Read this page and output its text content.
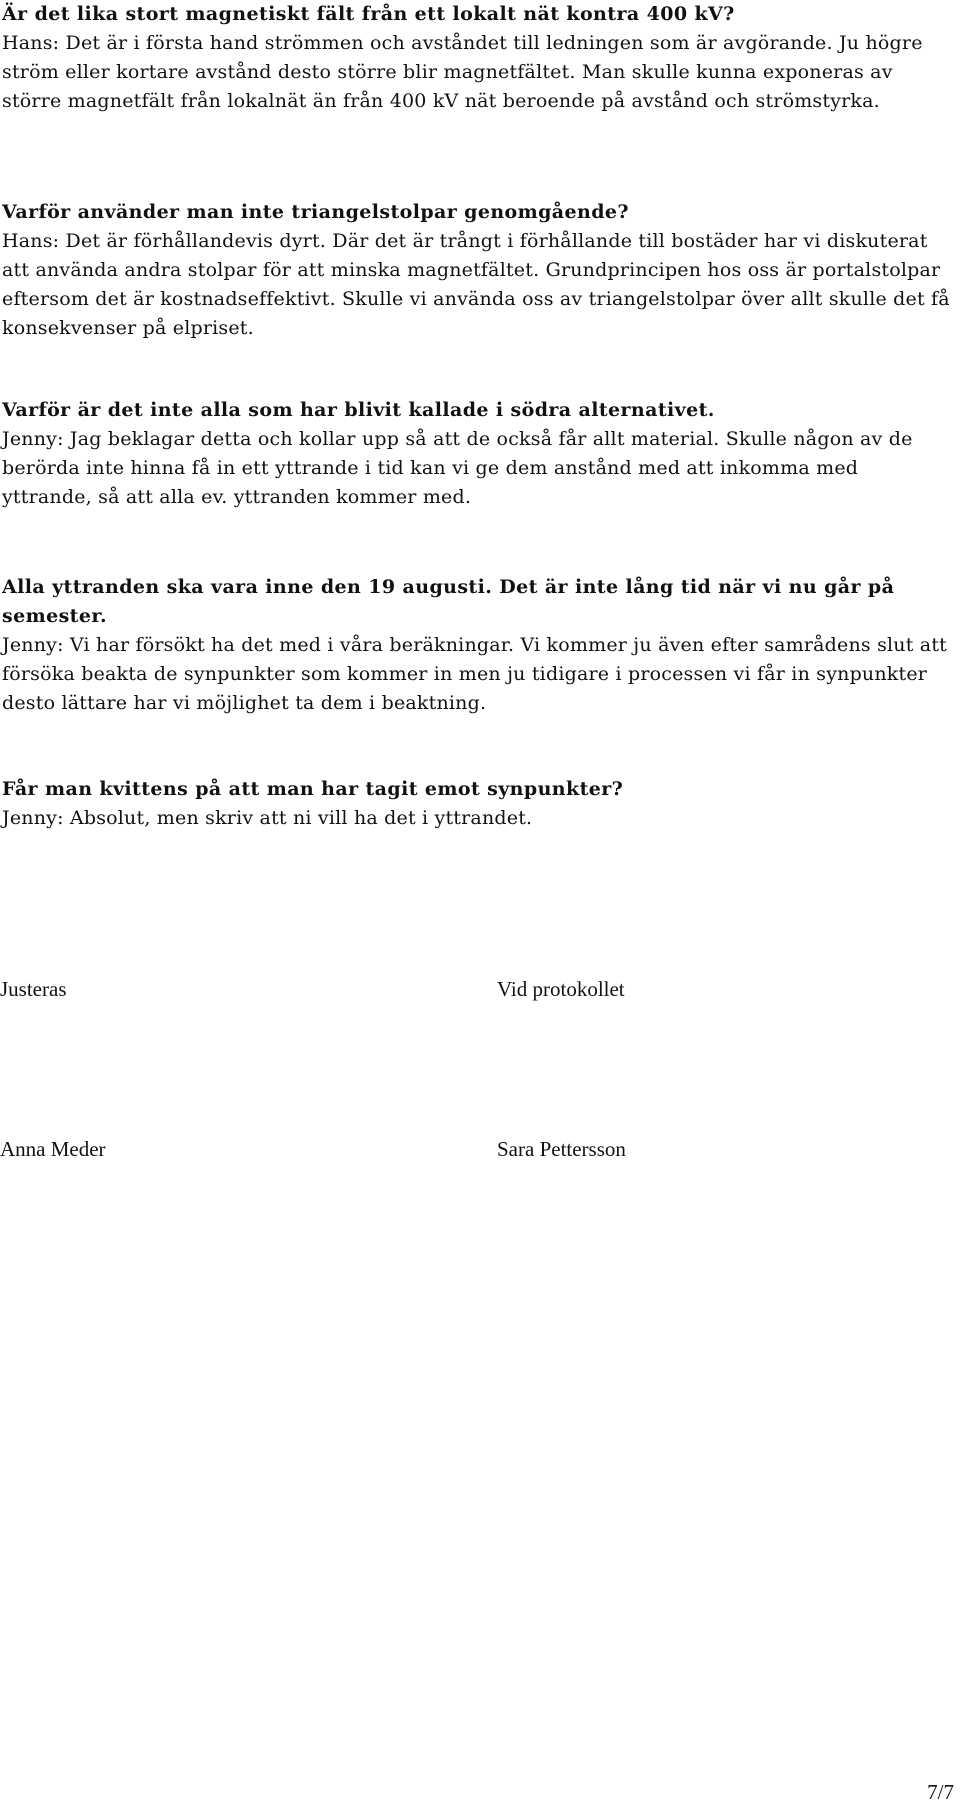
Är det lika stort magnetiskt fält från ett lokalt nät kontra 400 kV?

Hans: Det är i första hand strömmen och avståndet till ledningen som är avgörande. Ju högre ström eller kortare avstånd desto större blir magnetfältet. Man skulle kunna exponeras av större magnetfält från lokalnät än från 400 kV nät beroende på avstånd och strömstyrka.

Varför använder man inte triangelstolpar genomgående?

Hans: Det är förhållandevis dyrt. Där det är trångt i förhållande till bostäder har vi diskuterat att använda andra stolpar för att minska magnetfältet. Grundprincipen hos oss är portalstolpar eftersom det är kostnadseffektivt. Skulle vi använda oss av triangelstolpar över allt skulle det få konsekvenser på elpriset.

Varför är det inte alla som har blivit kallade i södra alternativet.

Jenny: Jag beklagar detta och kollar upp så att de också får allt material. Skulle någon av de berörda inte hinna få in ett yttrande i tid kan vi ge dem anstånd med att inkomma med yttrande, så att alla ev. yttranden kommer med.

Alla yttranden ska vara inne den 19 augusti. Det är inte lång tid när vi nu går på semester.

Jenny: Vi har försökt ha det med i våra beräkningar. Vi kommer ju även efter samrådens slut att försöka beakta de synpunkter som kommer in men ju tidigare i processen vi får in synpunkter desto lättare har vi möjlighet ta dem i beaktning.

Får man kvittens på att man har tagit emot synpunkter?

Jenny: Absolut, men skriv att ni vill ha det i yttrandet.

Justeras	Vid protokollet

Anna Meder	Sara Pettersson

7/7
